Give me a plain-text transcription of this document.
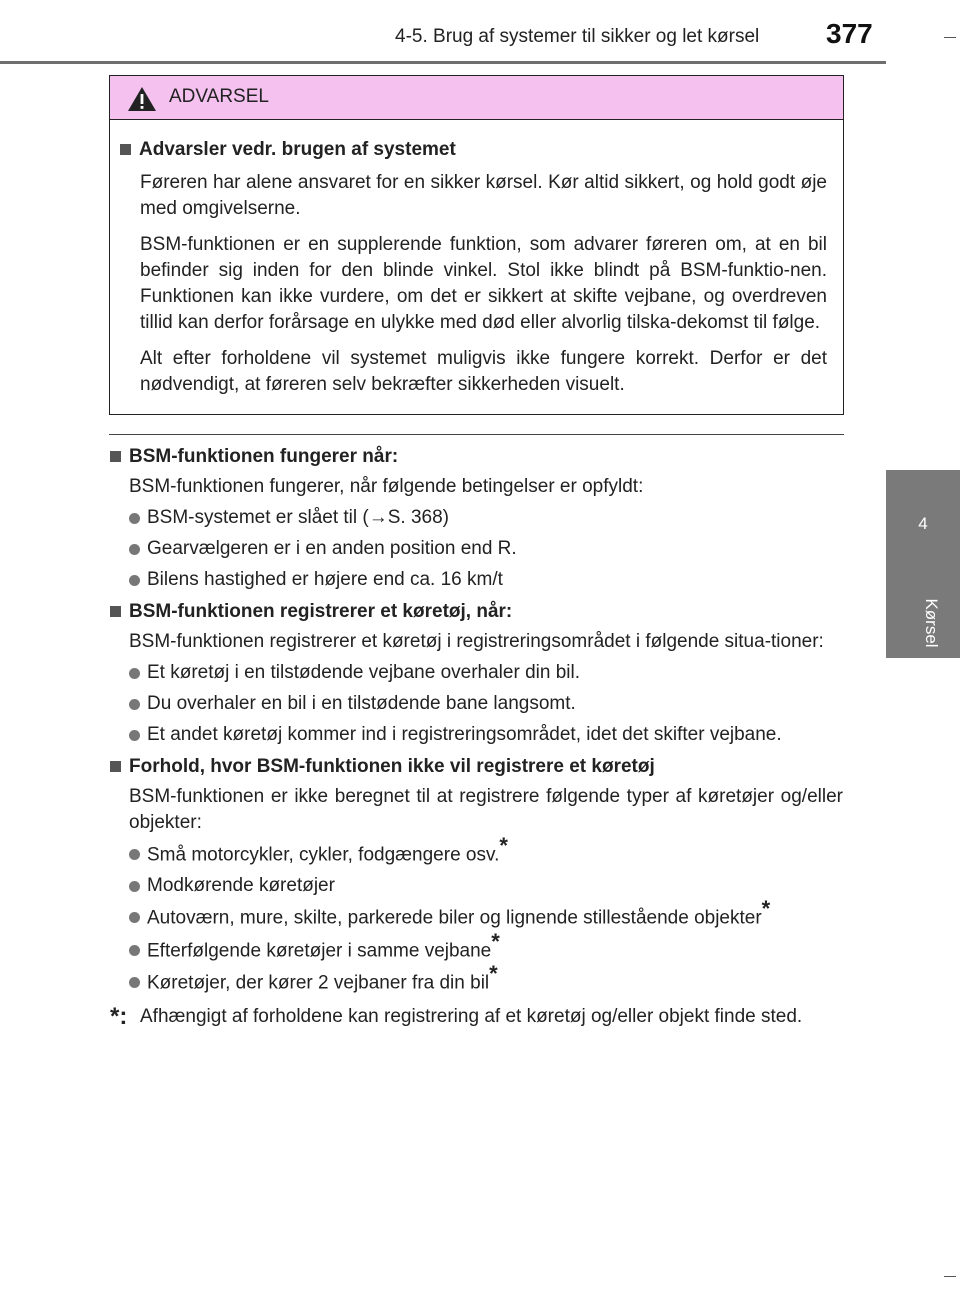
4-5. Brug af systemer til sikker og let kørsel 377
4
Kørsel
ADVARSEL
Advarsler vedr. brugen af systemet
Føreren har alene ansvaret for en sikker kørsel. Kør altid sikkert, og hold godt øje med omgivelserne.
BSM-funktionen er en supplerende funktion, som advarer føreren om, at en bil befinder sig inden for den blinde vinkel. Stol ikke blindt på BSM-funktio-nen. Funktionen kan ikke vurdere, om det er sikkert at skifte vejbane, og overdreven tillid kan derfor forårsage en ulykke med død eller alvorlig tilska-dekomst til følge.
Alt efter forholdene vil systemet muligvis ikke fungere korrekt. Derfor er det nødvendigt, at føreren selv bekræfter sikkerheden visuelt.
BSM-funktionen fungerer når:
BSM-funktionen fungerer, når følgende betingelser er opfyldt:
BSM-systemet er slået til (→S. 368)
Gearvælgeren er i en anden position end R.
Bilens hastighed er højere end ca. 16 km/t
BSM-funktionen registrerer et køretøj, når:
BSM-funktionen registrerer et køretøj i registreringsområdet i følgende situa-tioner:
Et køretøj i en tilstødende vejbane overhaler din bil.
Du overhaler en bil i en tilstødende bane langsomt.
Et andet køretøj kommer ind i registreringsområdet, idet det skifter vejbane.
Forhold, hvor BSM-funktionen ikke vil registrere et køretøj
BSM-funktionen er ikke beregnet til at registrere følgende typer af køretøjer og/eller objekter:
Små motorcykler, cykler, fodgængere osv.*
Modkørende køretøjer
Autoværn, mure, skilte, parkerede biler og lignende stillestående objekter*
Efterfølgende køretøjer i samme vejbane*
Køretøjer, der kører 2 vejbaner fra din bil*
*: Afhængigt af forholdene kan registrering af et køretøj og/eller objekt finde sted.
